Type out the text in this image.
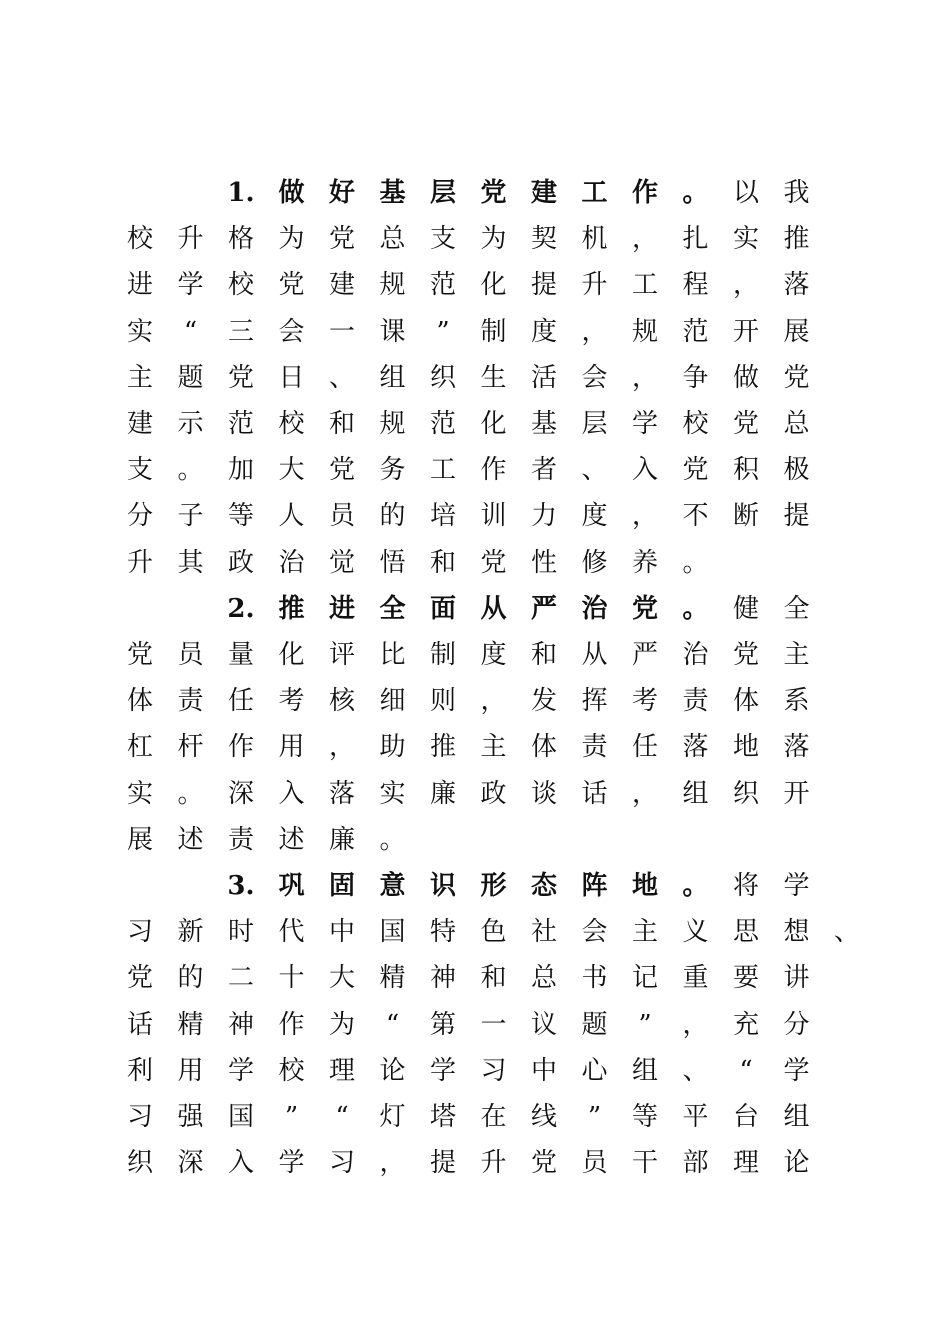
1. 做 好 基 层 党 建 工 作 。 以 我
校 升 格 为 党 总 支 为 契 机 ， 扎 实 推
进 学 校 党 建 规 范 化 提 升 工 程 ， 落
实	“	三 会 一 课	”	制 度 ， 规 范 开 展
主 题 党 日 、 组 织 生 活 会 ， 争 做 党
建 示 范 校 和 规 范 化 基 层 学 校 党 总
支 。 加 大 党 务 工 作 者 、 入 党 积 极
分 子 等 人 员 的 培 训 力 度 ， 不 断 提
升 其 政 治 觉 悟 和 党 性 修 养 。
2. 推 进 全 面 从 严 治 党 。 健 全
党 员 量 化 评 比 制 度 和 从 严 治 党 主
体 责 任 考 核 细 则 ， 发 挥 考 责 体 系
杠 杆 作 用 ， 助 推 主 体 责 任 落 地 落
实 。 深 入 落 实 廉 政 谈 话 ， 组 织 开
展 述 责 述 廉 。
3. 巩 固 意 识 形 态 阵 地 。 将 学
习 新 时 代 中 国 特 色 社 会 主 义 思 想 、
党 的 二 十 大 精 神 和 总 书 记 重 要 讲
话 精 神 作 为	“	第 一 议 题	”	， 充 分
利 用 学 校 理 论 学 习 中 心 组 、	“	学
习 强 国	”	“	灯 塔 在 线	”	等 平 台 组
织 深 入 学 习 ， 提 升 党 员 干 部 理 论
